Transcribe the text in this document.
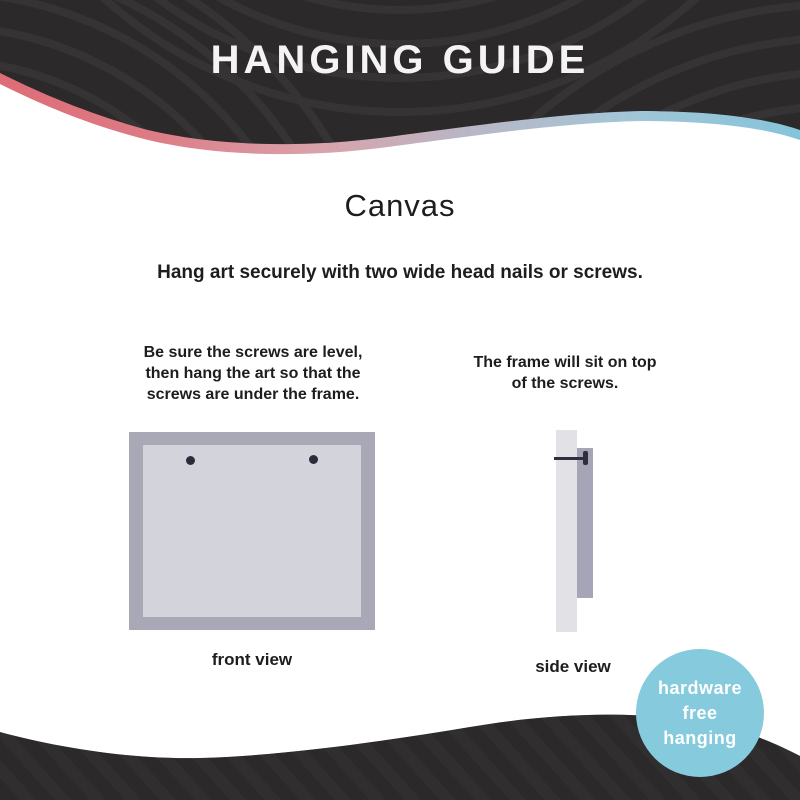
HANGING GUIDE
Canvas
Hang art securely with two wide head nails or screws.
Be sure the screws are level,
then hang the art so that the
screws are under the frame.
front view
The frame will sit on top
of the screws.
side view
hardware
free
hanging
